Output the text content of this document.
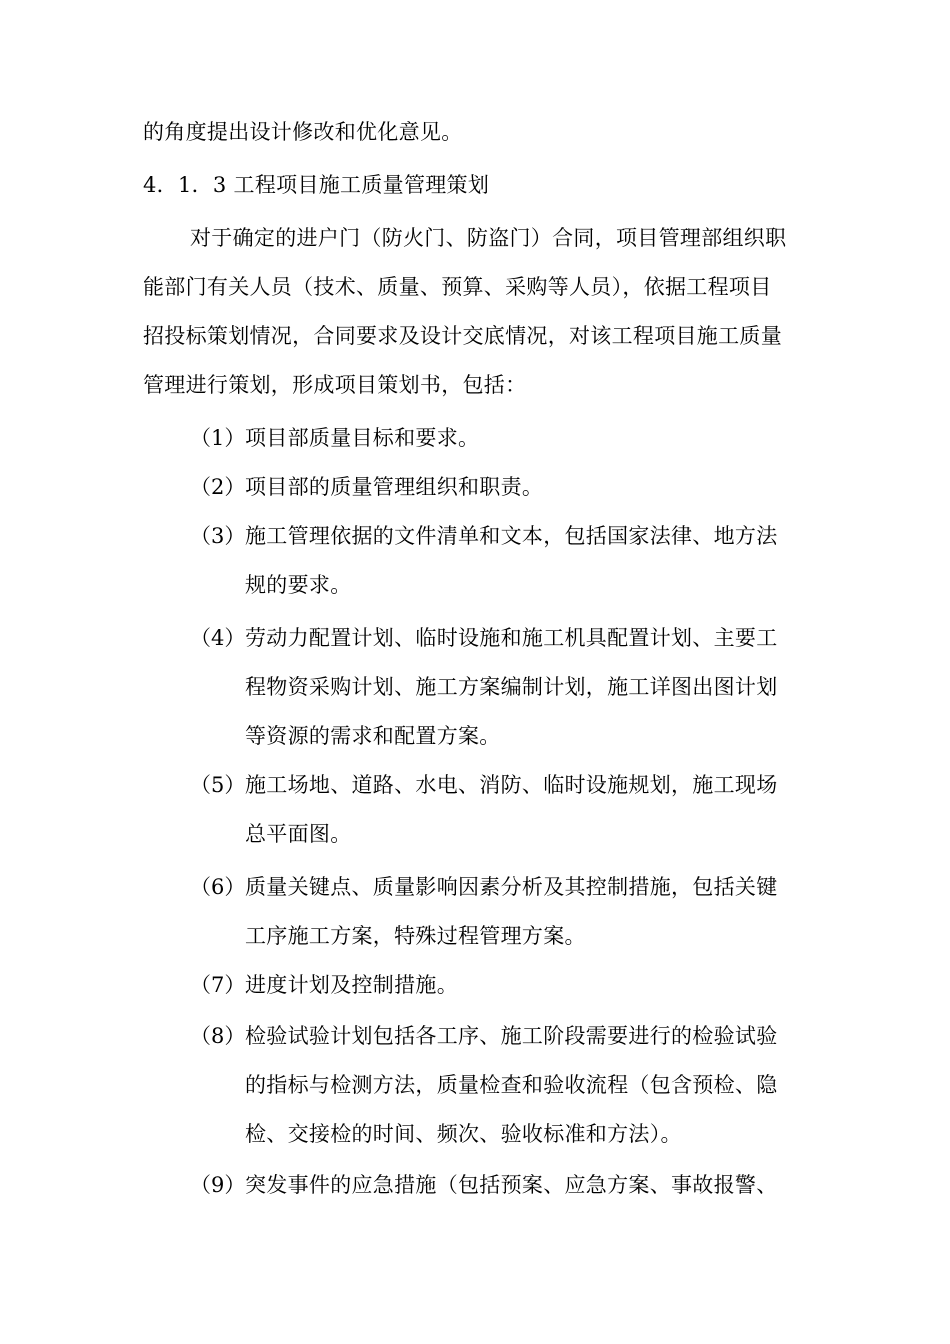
的角度提出设计修改和优化意见。
4．1．3 工程项目施工质量管理策划
对于确定的进户门（防火门、防盗门）合同，项目管理部组织职
能部门有关人员（技术、质量、预算、采购等人员），依据工程项目
招投标策划情况，合同要求及设计交底情况，对该工程项目施工质量
管理进行策划，形成项目策划书，包括：
（1） 项目部质量目标和要求。
（2） 项目部的质量管理组织和职责。
（3） 施工管理依据的文件清单和文本，包括国家法律、地方法
规的要求。
（4） 劳动力配置计划、临时设施和施工机具配置计划、主要工
程物资采购计划、施工方案编制计划，施工详图出图计划
等资源的需求和配置方案。
（5） 施工场地、道路、水电、消防、临时设施规划，施工现场
总平面图。
（6） 质量关键点、质量影响因素分析及其控制措施，包括关键
工序施工方案，特殊过程管理方案。
（7） 进度计划及控制措施。
（8） 检验试验计划包括各工序、施工阶段需要进行的检验试验
的指标与检测方法，质量检查和验收流程（包含预检、隐
检、交接检的时间、频次、验收标准和方法）。
（9） 突发事件的应急措施（包括预案、应急方案、事故报警、
